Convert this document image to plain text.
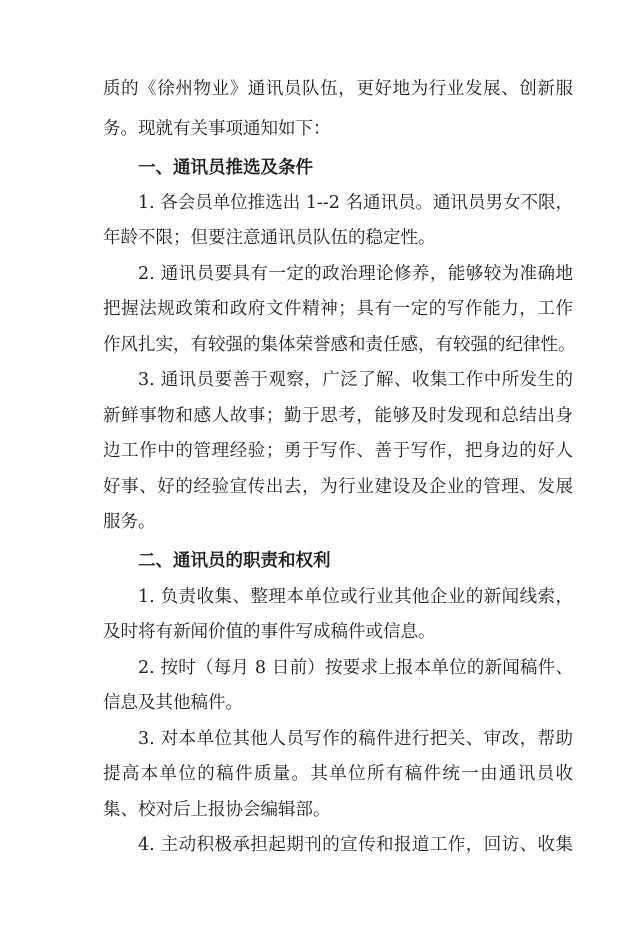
质的《徐州物业》通讯员队伍，更好地为行业发展、创新服
务。现就有关事项通知如下：
一、通讯员推选及条件
1. 各会员单位推选出 1--2 名通讯员。通讯员男女不限，
年龄不限；但要注意通讯员队伍的稳定性。
2. 通讯员要具有一定的政治理论修养，能够较为准确地
把握法规政策和政府文件精神；具有一定的写作能力，工作
作风扎实，有较强的集体荣誉感和责任感，有较强的纪律性。
3. 通讯员要善于观察，广泛了解、收集工作中所发生的
新鲜事物和感人故事；勤于思考，能够及时发现和总结出身
边工作中的管理经验；勇于写作、善于写作，把身边的好人
好事、好的经验宣传出去，为行业建设及企业的管理、发展
服务。
二、通讯员的职责和权利
1. 负责收集、整理本单位或行业其他企业的新闻线索，
及时将有新闻价值的事件写成稿件或信息。
2. 按时（每月 8 日前）按要求上报本单位的新闻稿件、
信息及其他稿件。
3. 对本单位其他人员写作的稿件进行把关、审改，帮助
提高本单位的稿件质量。其单位所有稿件统一由通讯员收
集、校对后上报协会编辑部。
4. 主动积极承担起期刊的宣传和报道工作，回访、收集
